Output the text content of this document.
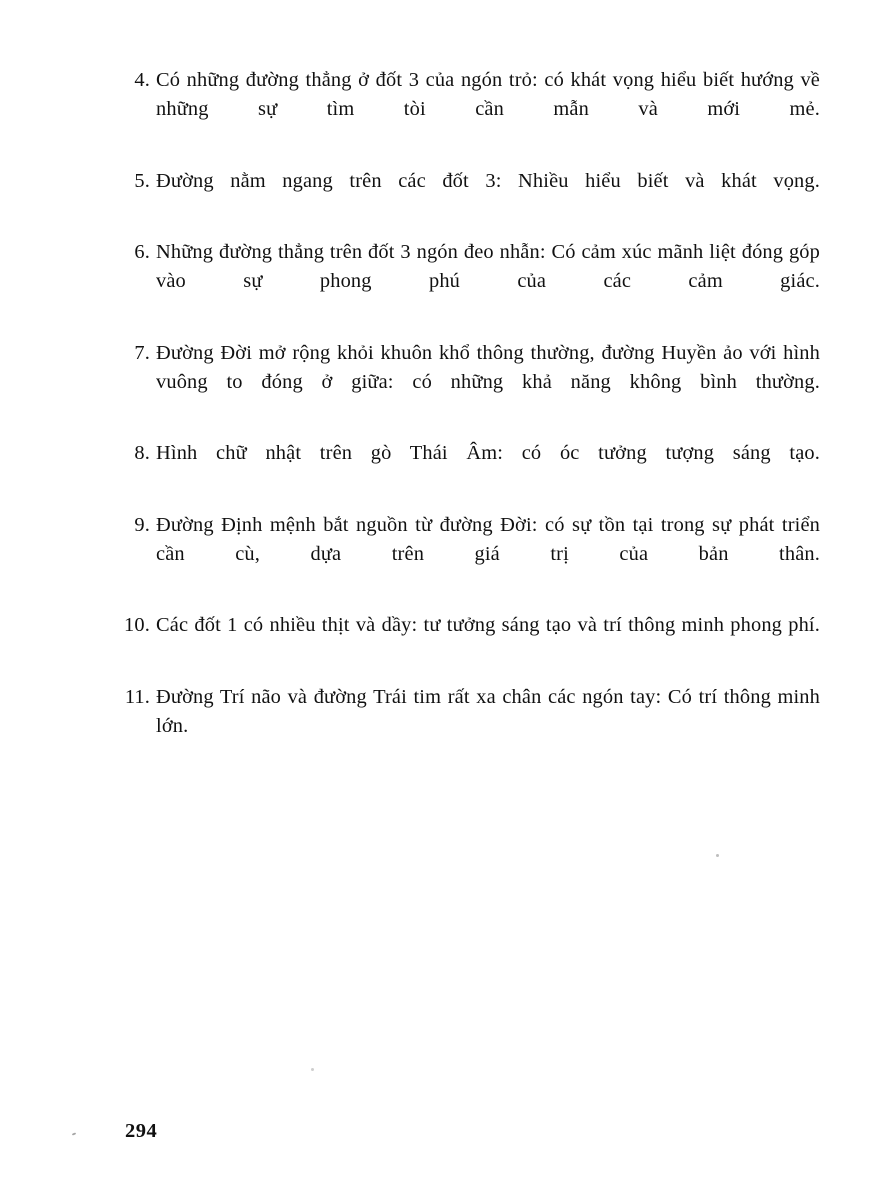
4. Có những đường thẳng ở đốt 3 của ngón trỏ: có khát vọng hiểu biết hướng về những sự tìm tòi cần mẫn và mới mẻ.
5. Đường nằm ngang trên các đốt 3: Nhiều hiểu biết và khát vọng.
6. Những đường thẳng trên đốt 3 ngón đeo nhẫn: Có cảm xúc mãnh liệt đóng góp vào sự phong phú của các cảm giác.
7. Đường Đời mở rộng khỏi khuôn khổ thông thường, đường Huyền ảo với hình vuông to đóng ở giữa: có những khả năng không bình thường.
8. Hình chữ nhật trên gò Thái Âm: có óc tưởng tượng sáng tạo.
9. Đường Định mệnh bắt nguồn từ đường Đời: có sự tồn tại trong sự phát triển cần cù, dựa trên giá trị của bản thân.
10. Các đốt 1 có nhiều thịt và dầy: tư tưởng sáng tạo và trí thông minh phong phí.
11. Đường Trí não và đường Trái tim rất xa chân các ngón tay: Có trí thông minh lớn.
294
